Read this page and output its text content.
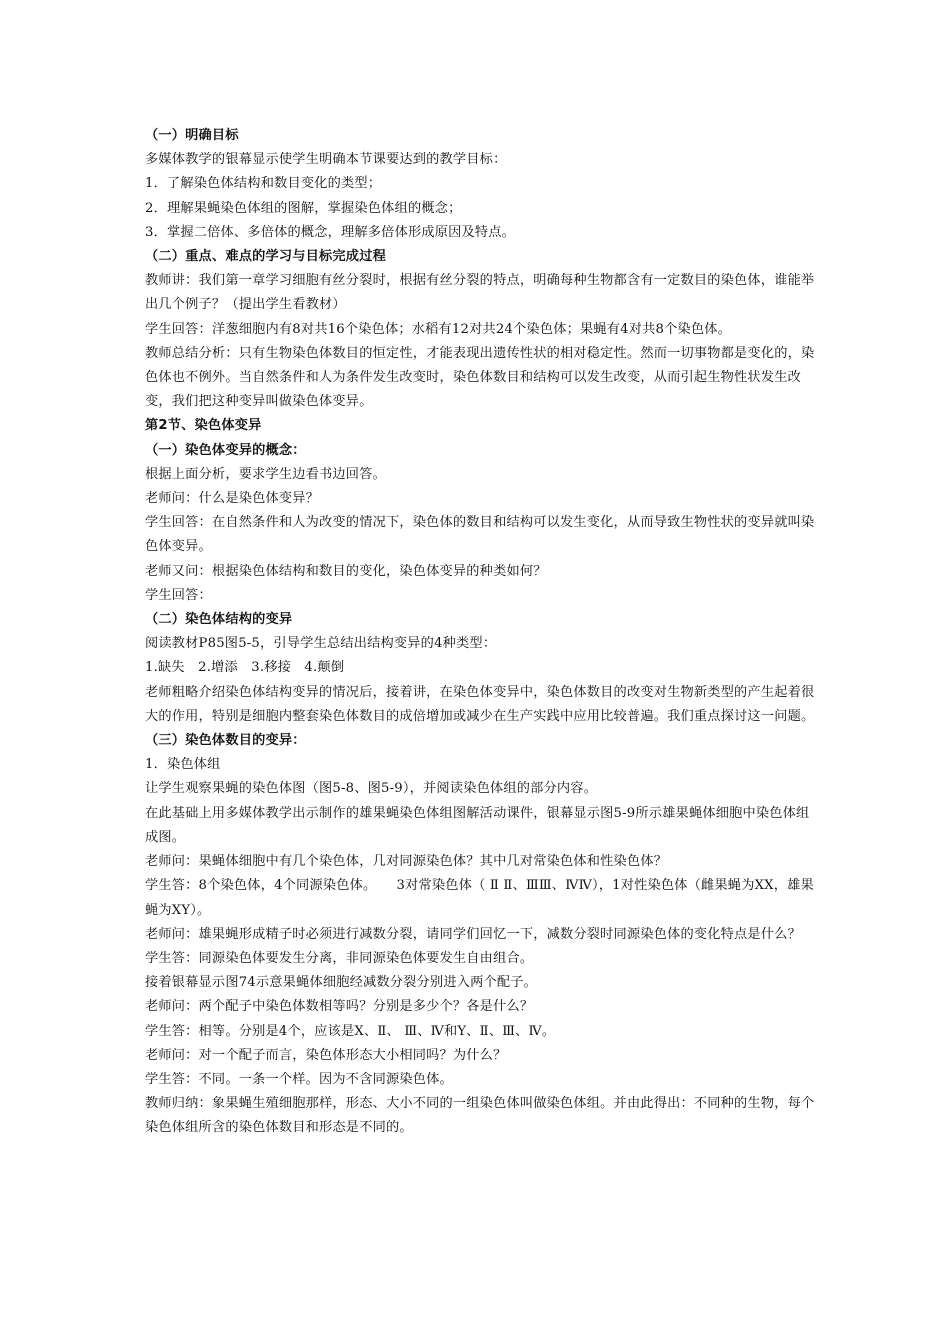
（一）明确目标

多媒体教学的银幕显示使学生明确本节课要达到的教学目标：

1．了解染色体结构和数目变化的类型；

2．理解果蝇染色体组的图解，掌握染色体组的概念；

3．掌握二倍体、多倍体的概念，理解多倍体形成原因及特点。

（二）重点、难点的学习与目标完成过程

教师讲：我们第一章学习细胞有丝分裂时，根据有丝分裂的特点，明确每种生物都含有一定数目的染色体，谁能举出几个例子？（提出学生看教材）

学生回答：洋葱细胞内有8对共16个染色体；水稻有12对共24个染色体；果蝇有4对共8个染色体。

教师总结分析：只有生物染色体数目的恒定性，才能表现出遗传性状的相对稳定性。然而一切事物都是变化的，染色体也不例外。当自然条件和人为条件发生改变时，染色体数目和结构可以发生改变，从而引起生物性状发生改变，我们把这种变异叫做染色体变异。

第2节、染色体变异

（一）染色体变异的概念：

根据上面分析，要求学生边看书边回答。

老师问：什么是染色体变异？

学生回答：在自然条件和人为改变的情况下，染色体的数目和结构可以发生变化，从而导致生物性状的变异就叫染色体变异。

老师又问：根据染色体结构和数目的变化，染色体变异的种类如何？

学生回答：

（二）染色体结构的变异

阅读教材P85图5-5，引导学生总结出结构变异的4种类型：

1.缺失　2.增添　3.移接　4.颠倒

老师粗略介绍染色体结构变异的情况后，接着讲，在染色体变异中，染色体数目的改变对生物新类型的产生起着很大的作用，特别是细胞内整套染色体数目的成倍增加或减少在生产实践中应用比较普遍。我们重点探讨这一问题。

（三）染色体数目的变异：

1．染色体组

让学生观察果蝇的染色体图（图5-8、图5-9），并阅读染色体组的部分内容。

在此基础上用多媒体教学出示制作的雄果蝇染色体组图解活动课件，银幕显示图5-9所示雄果蝇体细胞中染色体组成图。

老师问：果蝇体细胞中有几个染色体，几对同源染色体？其中几对常染色体和性染色体？

学生答：8个染色体，4个同源染色体。　　3对常染色体（ Ⅱ Ⅱ、ⅢⅢ、ⅣⅣ），1对性染色体（雌果蝇为XX，雄果蝇为XY）。

老师问：雄果蝇形成精子时必须进行减数分裂，请同学们回忆一下，减数分裂时同源染色体的变化特点是什么？

学生答：同源染色体要发生分离，非同源染色体要发生自由组合。

接着银幕显示图74示意果蝇体细胞经减数分裂分别进入两个配子。

老师问：两个配子中染色体数相等吗？分别是多少个？各是什么？

学生答：相等。分别是4个，应该是X、Ⅱ、 Ⅲ、Ⅳ和Y、Ⅱ、Ⅲ、Ⅳ。

老师问：对一个配子而言，染色体形态大小相同吗？为什么？

学生答：不同。一条一个样。因为不含同源染色体。

教师归纳：象果蝇生殖细胞那样，形态、大小不同的一组染色体叫做染色体组。并由此得出：不同种的生物，每个染色体组所含的染色体数目和形态是不同的。
